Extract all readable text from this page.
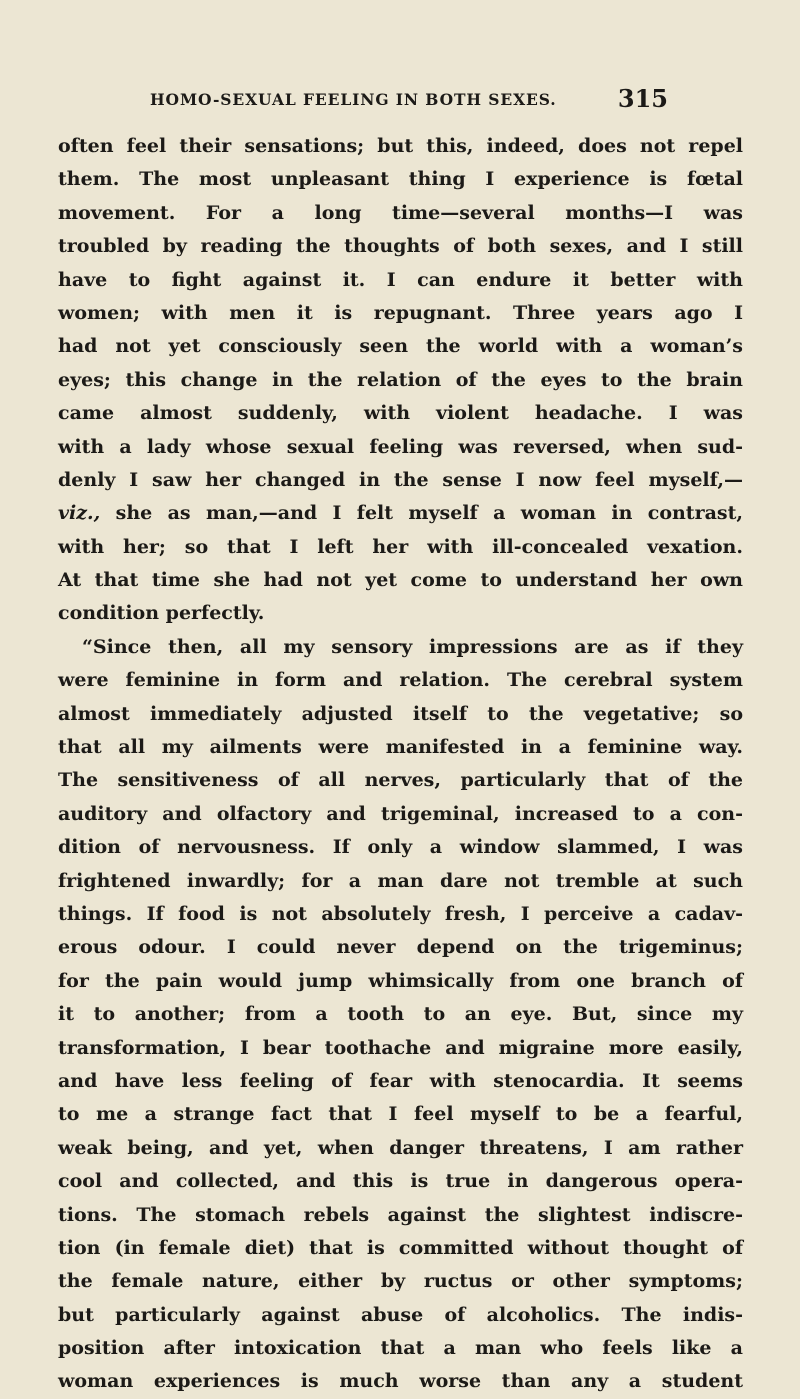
HOMO-SEXUAL FEELING IN BOTH SEXES.	315
often feel their sensations; but this, indeed, does not repel
them. The most unpleasant thing I experience is fœtal
movement. For a long time—several months—I was
troubled by reading the thoughts of both sexes, and I still
have to fight against it. I can endure it better with
women; with men it is repugnant. Three years ago I
had not yet consciously seen the world with a woman’s
eyes; this change in the relation of the eyes to the brain
came almost suddenly, with violent headache. I was
with a lady whose sexual feeling was reversed, when sud-
denly I saw her changed in the sense I now feel myself,—
viz., she as man,—and I felt myself a woman in contrast,
with her; so that I left her with ill-concealed vexation.
At that time she had not yet come to understand her own
condition perfectly.
“Since then, all my sensory impressions are as if they
were feminine in form and relation. The cerebral system
almost immediately adjusted itself to the vegetative; so
that all my ailments were manifested in a feminine way.
The sensitiveness of all nerves, particularly that of the
auditory and olfactory and trigeminal, increased to a con-
dition of nervousness. If only a window slammed, I was
frightened inwardly; for a man dare not tremble at such
things. If food is not absolutely fresh, I perceive a cadav-
erous odour. I could never depend on the trigeminus;
for the pain would jump whimsically from one branch of
it to another; from a tooth to an eye. But, since my
transformation, I bear toothache and migraine more easily,
and have less feeling of fear with stenocardia. It seems
to me a strange fact that I feel myself to be a fearful,
weak being, and yet, when danger threatens, I am rather
cool and collected, and this is true in dangerous opera-
tions. The stomach rebels against the slightest indiscre-
tion (in female diet) that is committed without thought of
the female nature, either by ructus or other symptoms;
but particularly against abuse of alcoholics. The indis-
position after intoxication that a man who feels like a
woman experiences is much worse than any a student
